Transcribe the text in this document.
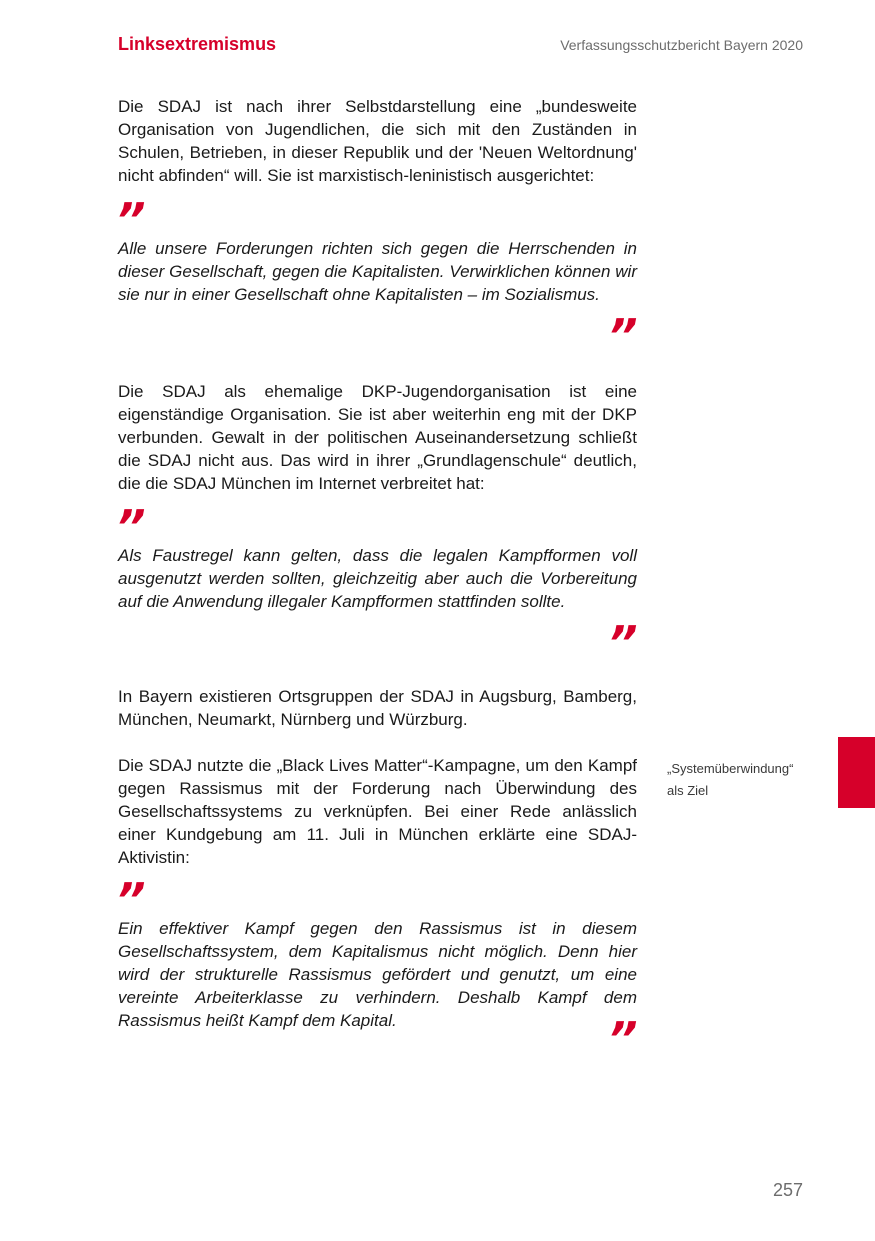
Linksextremismus	Verfassungsschutzbericht Bayern 2020

Die SDAJ ist nach ihrer Selbstdarstellung eine „bundesweite Organisation von Jugendlichen, die sich mit den Zuständen in Schulen, Betrieben, in dieser Republik und der 'Neuen Weltordnung' nicht abfinden“ will. Sie ist marxistisch-leninistisch ausgerichtet:

”

Alle unsere Forderungen richten sich gegen die Herrschenden in dieser Gesellschaft, gegen die Kapitalisten. Verwirklichen können wir sie nur in einer Gesellschaft ohne Kapitalisten – im Sozialismus.

”

Die SDAJ als ehemalige DKP-Jugendorganisation ist eine eigenständige Organisation. Sie ist aber weiterhin eng mit der DKP verbunden. Gewalt in der politischen Auseinandersetzung schließt die SDAJ nicht aus. Das wird in ihrer „Grundlagenschule“ deutlich, die die SDAJ München im Internet verbreitet hat:

”

Als Faustregel kann gelten, dass die legalen Kampfformen voll ausgenutzt werden sollten, gleichzeitig aber auch die Vorbereitung auf die Anwendung illegaler Kampfformen stattfinden sollte.

”

In Bayern existieren Ortsgruppen der SDAJ in Augsburg, Bamberg, München, Neumarkt, Nürnberg und Würzburg.

Die SDAJ nutzte die „Black Lives Matter“-Kampagne, um den Kampf gegen Rassismus mit der Forderung nach Überwindung des Gesellschaftssystems zu verknüpfen. Bei einer Rede anlässlich einer Kundgebung am 11. Juli in München erklärte eine SDAJ-Aktivistin:

”

Ein effektiver Kampf gegen den Rassismus ist in diesem Gesellschaftssystem, dem Kapitalismus nicht möglich. Denn hier wird der strukturelle Rassismus gefördert und genutzt, um eine vereinte Arbeiterklasse zu verhindern. Deshalb Kampf dem Rassismus heißt Kampf dem Kapital.	”
„Systemüberwindung“ als Ziel
257
